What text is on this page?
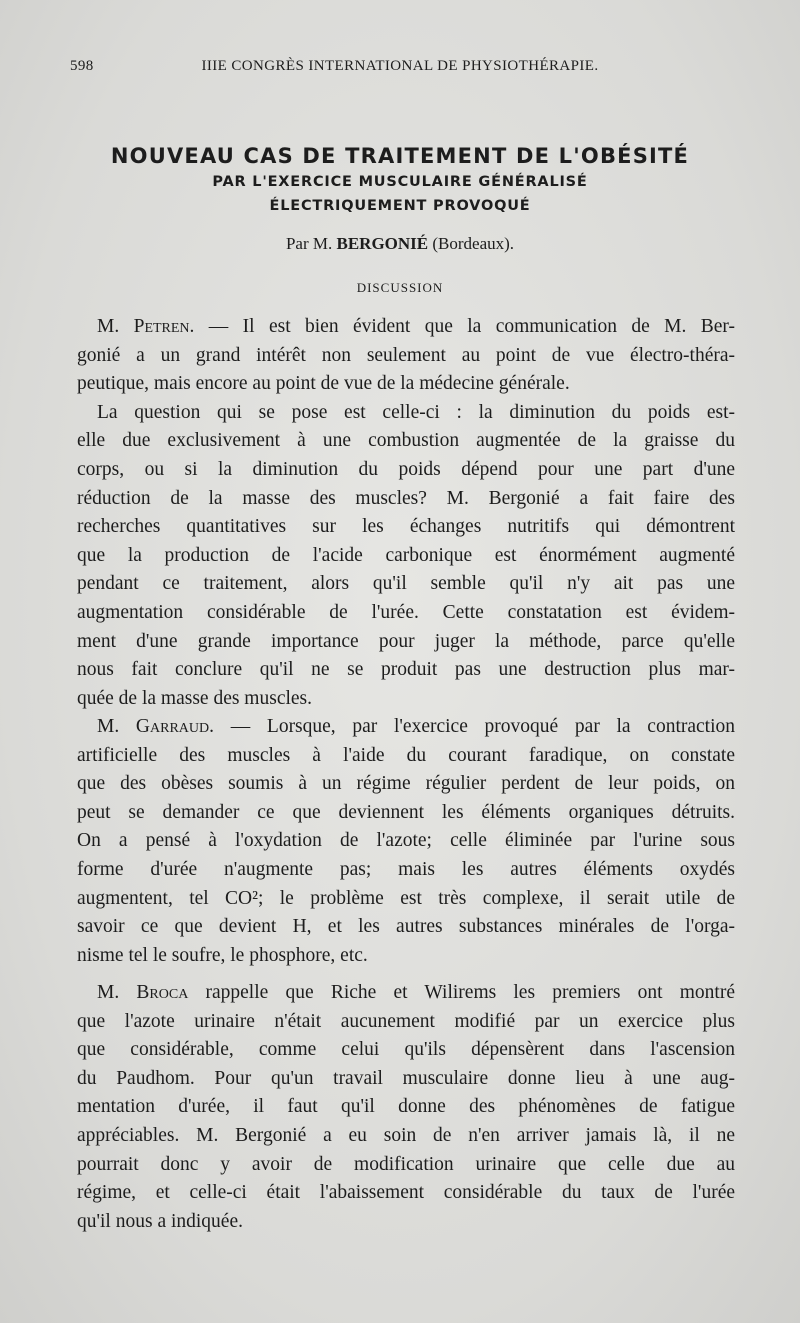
598	IIIE CONGRÈS INTERNATIONAL DE PHYSIOTHÉRAPIE.
NOUVEAU CAS DE TRAITEMENT DE L'OBÉSITÉ
PAR L'EXERCICE MUSCULAIRE GÉNÉRALISÉ
ÉLECTRIQUEMENT PROVOQUÉ
Par M. BERGONIÉ (Bordeaux).
DISCUSSION
M. Petren. — Il est bien évident que la communication de M. Ber-
gonié a un grand intérêt non seulement au point de vue électro-théra-
peutique, mais encore au point de vue de la médecine générale.
La question qui se pose est celle-ci : la diminution du poids est-
elle due exclusivement à une combustion augmentée de la graisse du
corps, ou si la diminution du poids dépend pour une part d'une
réduction de la masse des muscles? M. Bergonié a fait faire des
recherches quantitatives sur les échanges nutritifs qui démontrent
que la production de l'acide carbonique est énormément augmenté
pendant ce traitement, alors qu'il semble qu'il n'y ait pas une
augmentation considérable de l'urée. Cette constatation est évidem-
ment d'une grande importance pour juger la méthode, parce qu'elle
nous fait conclure qu'il ne se produit pas une destruction plus mar-
quée de la masse des muscles.
M. Garraud. — Lorsque, par l'exercice provoqué par la contraction
artificielle des muscles à l'aide du courant faradique, on constate
que des obèses soumis à un régime régulier perdent de leur poids, on
peut se demander ce que deviennent les éléments organiques détruits.
On a pensé à l'oxydation de l'azote; celle éliminée par l'urine sous
forme d'urée n'augmente pas; mais les autres éléments oxydés
augmentent, tel CO²; le problème est très complexe, il serait utile de
savoir ce que devient H, et les autres substances minérales de l'orga-
nisme tel le soufre, le phosphore, etc.
M. Broca rappelle que Riche et Wilirems les premiers ont montré
que l'azote urinaire n'était aucunement modifié par un exercice plus
que considérable, comme celui qu'ils dépensèrent dans l'ascension
du Paudhom. Pour qu'un travail musculaire donne lieu à une aug-
mentation d'urée, il faut qu'il donne des phénomènes de fatigue
appréciables. M. Bergonié a eu soin de n'en arriver jamais là, il ne
pourrait donc y avoir de modification urinaire que celle due au
régime, et celle-ci était l'abaissement considérable du taux de l'urée
qu'il nous a indiquée.
